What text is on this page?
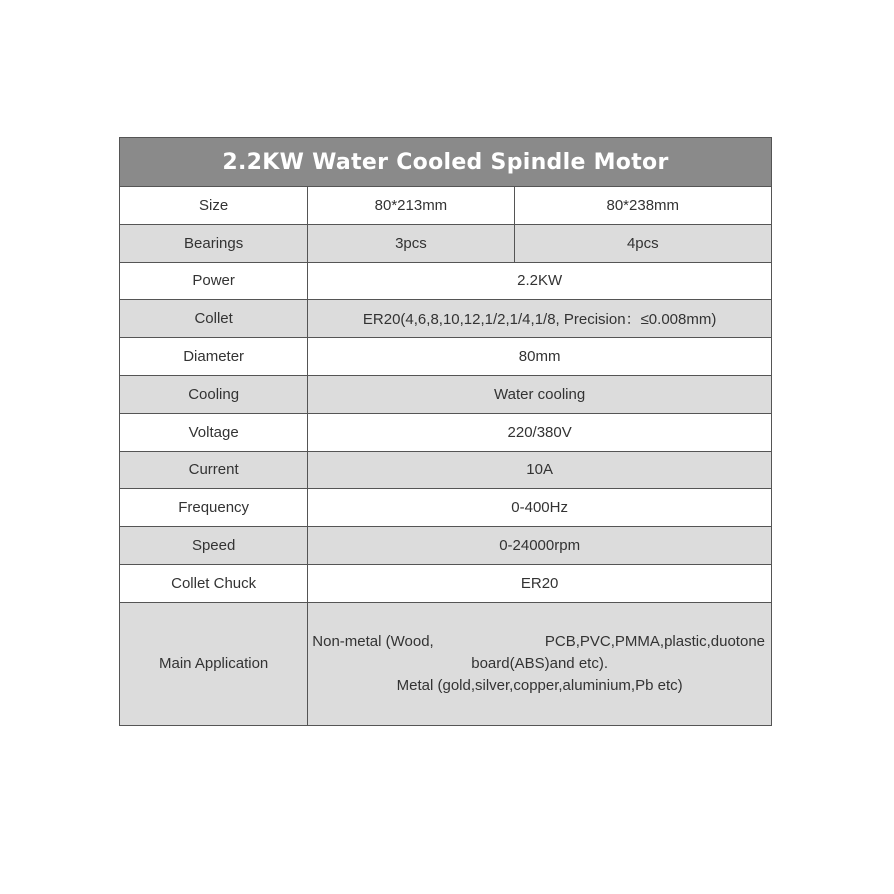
2.2KW Water Cooled Spindle Motor		
Size	80*213mm	80*238mm
Bearings	3pcs	4pcs
Power	2.2KW	
Collet	ER20(4,6,8,10,12,1/2,1/4,1/8, Precision：≤0.008mm)	
Diameter	80mm	
Cooling	Water cooling	
Voltage	220/380V	
Current	10A	
Frequency	0-400Hz	
Speed	0-24000rpm	
Collet Chuck	ER20	
Main Application	Non-metal (Wood, PCB,PVC,PMMA,plastic,duotone
board(ABS)and etc).
Metal (gold,silver,copper,aluminium,Pb etc)	
